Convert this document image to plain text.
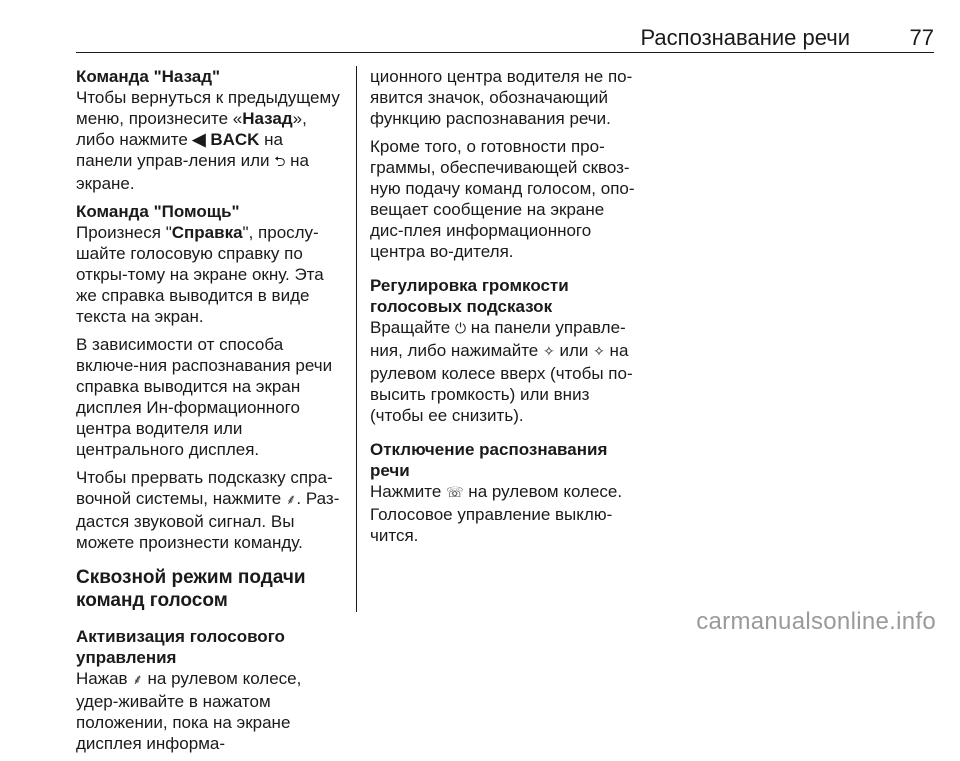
Распознавание речи	77
Команда "Назад"

Чтобы вернуться к предыдущему меню, произнесите «Назад», либо нажмите ◀ BACK на панели управ-ления или ⮌ на экране.

Команда "Помощь"

Произнеся "Справка", прослу-шайте голосовую справку по откры-тому на экране окну. Эта же справка выводится в виде текста на экран.

В зависимости от способа включе-ния распознавания речи справка выводится на экран дисплея Ин-формационного центра водителя или центрального дисплея.

Чтобы прервать подсказку спра-вочной системы, нажмите ⸙. Раз-дастся звуковой сигнал. Вы можете произнести команду.

Сквозной режим подачи команд голосом
Активизация голосового управления

Нажав ⸙ на рулевом колесе, удер-живайте в нажатом положении, пока на экране дисплея информа-

ционного центра водителя не по-явится значок, обозначающий функцию распознавания речи.

Кроме того, о готовности про-граммы, обеспечивающей сквоз-ную подачу команд голосом, опо-вещает сообщение на экране дис-плея информационного центра во-дителя.

Регулировка громкости голосовых подсказок

Вращайте ⏻ на панели управле-ния, либо нажимайте ✧ или ✧ на рулевом колесе вверх (чтобы по-высить громкость) или вниз (чтобы ее снизить).

Отключение распознавания речи

Нажмите ☏ на рулевом колесе. Голосовое управление выклю-чится.

carmanualsonline.info
